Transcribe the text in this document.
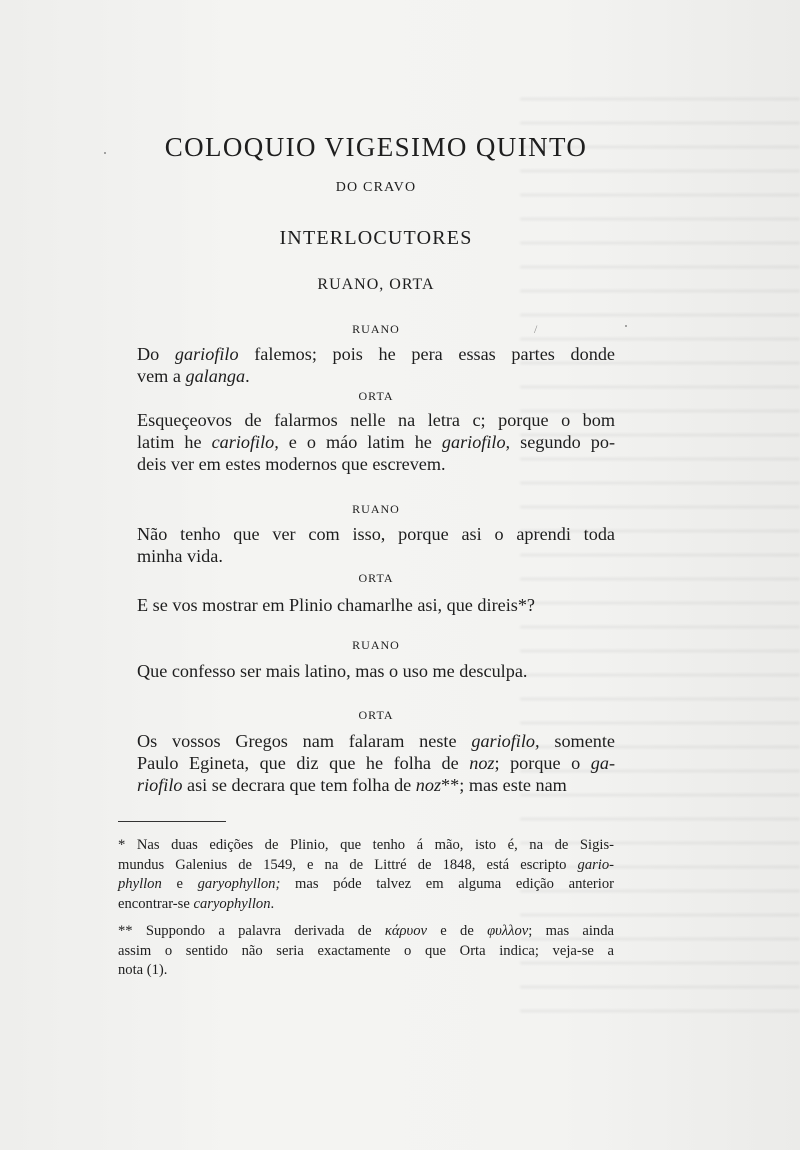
COLOQUIO VIGESIMO QUINTO
DO CRAVO
INTERLOCUTORES
RUANO, ORTA
RUANO
Do gariofilo falemos; pois he pera essas partes donde
vem a galanga.
ORTA
Esqueçeovos de falarmos nelle na letra c; porque o bom
latim he cariofilo, e o máo latim he gariofilo, segundo po-
deis ver em estes modernos que escrevem.
RUANO
Não tenho que ver com isso, porque asi o aprendi toda
minha vida.
ORTA
E se vos mostrar em Plinio chamarlhe asi, que direis*?
RUANO
Que confesso ser mais latino, mas o uso me desculpa.
ORTA
Os vossos Gregos nam falaram neste gariofilo, somente
Paulo Egineta, que diz que he folha de noz; porque o ga-
riofilo asi se decrara que tem folha de noz**; mas este nam
* Nas duas edições de Plinio, que tenho á mão, isto é, na de Sigis-
mundus Galenius de 1549, e na de Littré de 1848, está escripto gario-
phyllon e garyophyllon; mas póde talvez em alguma edição anterior
encontrar-se caryophyllon.
** Suppondo a palavra derivada de κάρυον e de φυλλον; mas ainda
assim o sentido não seria exactamente o que Orta indica; veja-se a
nota (1).
/
